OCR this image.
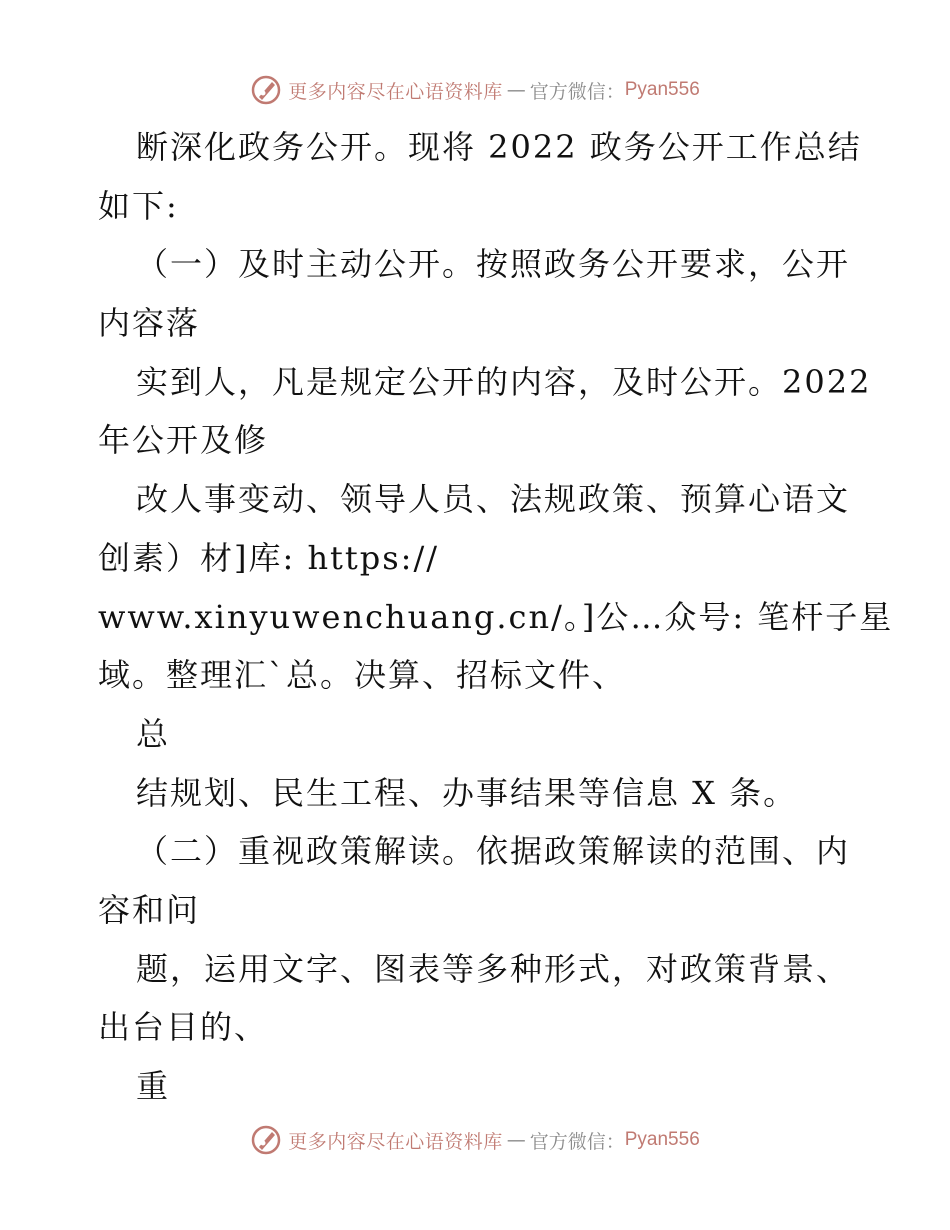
更多内容尽在心语资料库 — 官方微信： Pyan556
断深化政务公开。现将 2022 政务公开工作总结
如下:
（一）及时主动公开。按照政务公开要求，公开
内容落
实到人，凡是规定公开的内容，及时公开。2022
年公开及修
改人事变动、领导人员、法规政策、预算心语文
创素）材]库: https://
www.xinyuwenchuang.cn/。]公…众号: 笔杆子星
域。整理汇`总。决算、招标文件、
总
结规划、民生工程、办事结果等信息 X 条。
（二）重视政策解读。依据政策解读的范围、内
容和问
题，运用文字、图表等多种形式，对政策背景、
出台目的、
重
更多内容尽在心语资料库 — 官方微信： Pyan556
